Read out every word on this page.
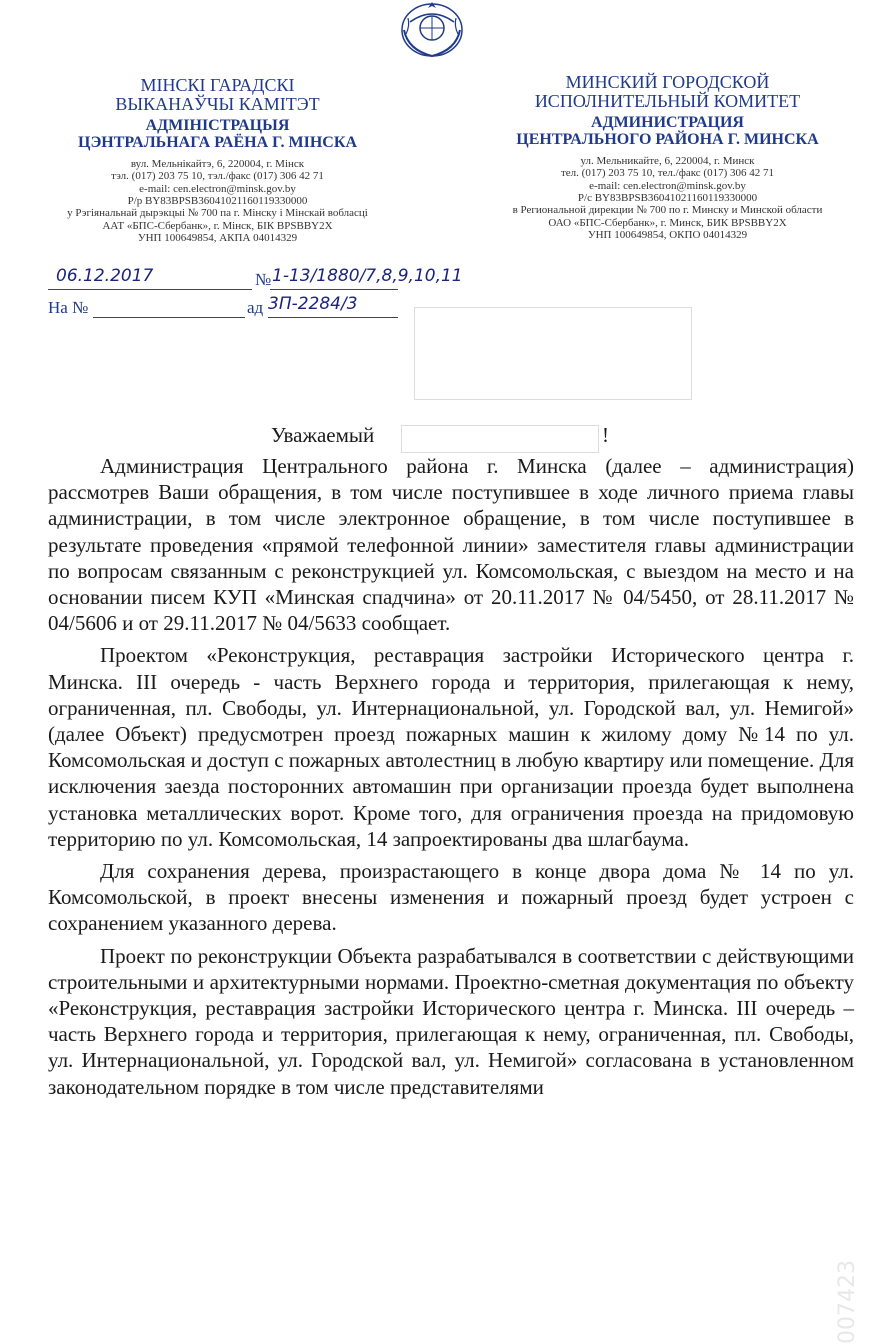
МІНСКІ ГАРАДСКІ
ВЫКАНАЎЧЫ КАМІТЭТ
АДМІНІСТРАЦЫЯ
ЦЭНТРАЛЬНАГА РАЁНА Г. МІНСКА
вул. Мельнікайтэ, 6, 220004, г. Мінск
тэл. (017) 203 75 10, тэл./факс (017) 306 42 71
e-mail: cen.electron@minsk.gov.by
Р/р BY83BPSB36041021160119330000
у Рэгіянальнай дырэкцыі № 700 па г. Мінску і Мінскай вобласці
ААТ «БПС-Сбербанк», г. Мінск, БІК BPSBBY2X
УНП 100649854, АКПА 04014329
МИНСКИЙ ГОРОДСКОЙ
ИСПОЛНИТЕЛЬНЫЙ КОМИТЕТ
АДМИНИСТРАЦИЯ
ЦЕНТРАЛЬНОГО РАЙОНА Г. МИНСКА
ул. Мельникайте, 6, 220004, г. Минск
тел. (017) 203 75 10, тел./факс (017) 306 42 71
e-mail: cen.electron@minsk.gov.by
Р/с BY83BPSB36041021160119330000
в Региональной дирекции № 700 по г. Минску и Минской области
ОАО «БПС-Сбербанк», г. Минск, БИК BPSBBY2X
УНП 100649854, ОКПО 04014329
06.12.2017	№ 1-13/1880/7,8,9,10,11
На №	ад 3П-2284/3
Уважаемый	!

Администрация Центрального района г. Минска (далее – администрация) рассмотрев Ваши обращения, в том числе поступившее в ходе личного приема главы администрации, в том числе электронное обращение, в том числе поступившее в результате проведения «прямой телефонной линии» заместителя главы администрации по вопросам связанным с реконструкцией ул. Комсомольская, с выездом на место и на основании писем КУП «Минская спадчина» от 20.11.2017 № 04/5450, от 28.11.2017 № 04/5606 и от 29.11.2017 № 04/5633 сообщает.

Проектом «Реконструкция, реставрация застройки Исторического центра г. Минска. III очередь - часть Верхнего города и территория, прилегающая к нему, ограниченная, пл. Свободы, ул. Интернациональной, ул. Городской вал, ул. Немигой» (далее Объект) предусмотрен проезд пожарных машин к жилому дому №14 по ул. Комсомольская и доступ с пожарных автолестниц в любую квартиру или помещение. Для исключения заезда посторонних автомашин при организации проезда будет выполнена установка металлических ворот. Кроме того, для ограничения проезда на придомовую территорию по ул. Комсомольская, 14 запроектированы два шлагбаума.

Для сохранения дерева, произрастающего в конце двора дома № 14 по ул. Комсомольской, в проект внесены изменения и пожарный проезд будет устроен с сохранением указанного дерева.

Проект по реконструкции Объекта разрабатывался в соответствии с действующими строительными и архитектурными нормами. Проектно-сметная документация по объекту «Реконструкция, реставрация застройки Исторического центра г. Минска. III очередь – часть Верхнего города и территория, прилегающая к нему, ограниченная, пл. Свободы, ул. Интернациональной, ул. Городской вал, ул. Немигой» согласована в установленном законодательном порядке в том числе представителями

007423
